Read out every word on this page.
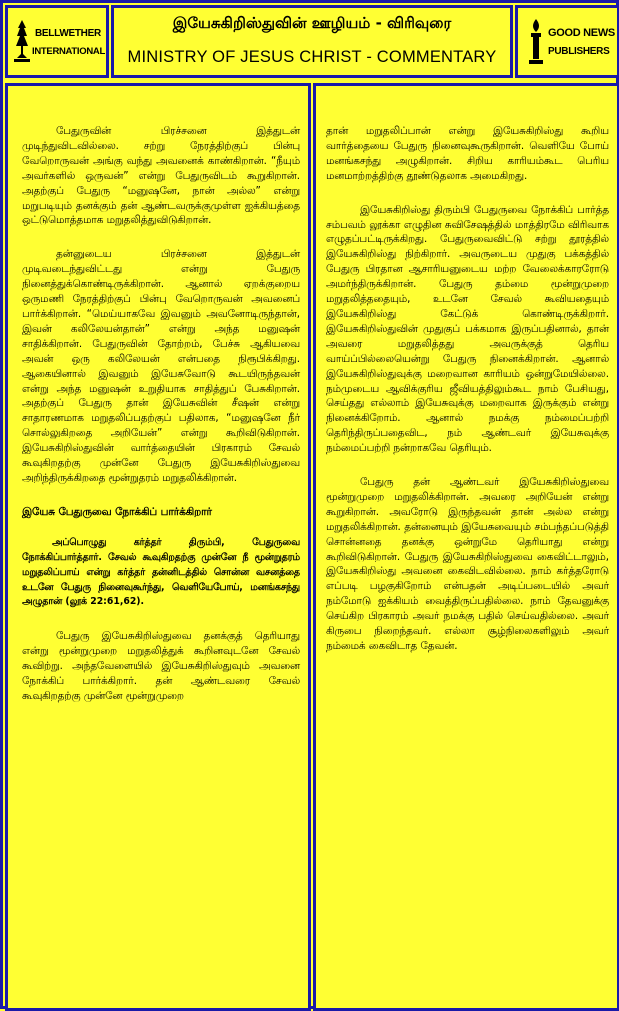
BELLWETHER
INTERNATIONAL
இயேசுகிறிஸ்துவின் ஊழியம் - விரிவுரை
MINISTRY OF JESUS CHRIST - COMMENTARY
GOOD NEWS
PUBLISHERS

பேதுருவின் பிரச்சனை இத்துடன் முடிந்துவிடவில்லை. சற்று நேரத்திற்குப் பின்பு வேறொருவன் அங்கு வந்து அவனைக் காண்கிறான். “நீயும் அவர்களில் ஒருவன்” என்று பேதுருவிடம் கூறுகிறான். அதற்குப் பேதுரு “மனுஷனே, நான் அல்ல” என்று மறுபடியும் தனக்கும் தன் ஆண்டவருக்குமுள்ள ஐக்கியத்தை ஒட்டுமொத்தமாக மறுதலித்துவிடுகிறான்.

தன்னுடைய பிரச்சனை இத்துடன் முடிவடைந்துவிட்டது என்று பேதுரு நினைத்துக்கொண்டிருக்கிறான். ஆனால் ஏறக்குறைய ஒருமணி நேரத்திற்குப் பின்பு வேறொருவன் அவனைப் பார்க்கிறான். “மெய்யாகவே இவனும் அவனோடிருந்தான், இவன் கலிலேயன்தான்” என்று அந்த மனுஷன் சாதிக்கிறான். பேதுருவின் தோற்றம், பேச்சு ஆகியவை அவன் ஒரு கலிலேயன் என்பதை நிரூபிக்கிறது. ஆகையினால் இவனும் இயேசுவோடு கூடயிருந்தவன் என்று அந்த மனுஷன் உறுதியாக சாதித்துப் பேசுகிறான். அதற்குப் பேதுரு தான் இயேசுவின் சீஷன் என்று சாதாரணமாக மறுதலிப்பதற்குப் பதிலாக, “மனுஷனே நீர் சொல்லுகிறதை அறியேன்” என்று கூறிவிடுகிறான். இயேசுகிறிஸ்துவின் வார்த்தையின் பிரகாரம் சேவல் கூவுகிறதற்கு முன்னே பேதுரு இயேசுகிறிஸ்துவை அறிந்திருக்கிறதை மூன்றுதரம் மறுதலிக்கிறான்.

இயேசு பேதுருவை நோக்கிப் பார்க்கிறார்

அப்பொழுது கர்த்தர் திரும்பி, பேதுருவை நோக்கிப்பார்த்தார். சேவல் கூவுகிறதற்கு முன்னே நீ மூன்றுதரம் மறுதலிப்பாய் என்று கர்த்தர் தன்னிடத்தில் சொன்ன வசனத்தை உடனே பேதுரு நினைவுகூர்ந்து, வெளியேபோய், மனங்கசந்து அழுதான் (லூக் 22:61,62).

பேதுரு இயேசுகிறிஸ்துவை தனக்குத் தெரியாது என்று மூன்றுமுறை மறுதலித்துக் கூறினவுடனே சேவல் கூவிற்று. அந்தவேளையில் இயேசுகிறிஸ்துவும் அவனை நோக்கிப் பார்க்கிறார். தன் ஆண்டவரை சேவல் கூவுகிறதற்கு முன்னே மூன்றுமுறை

தான் மறுதலிப்பான் என்று இயேசுகிறிஸ்து கூறிய வார்த்தையை பேதுரு நினைவுகூருகிறான். வெளியே போய் மனங்கசந்து அழுகிறான். சிறிய காரியம்கூட பெரிய மனமாற்றத்திற்கு தூண்டுதலாக அமைகிறது.

இயேசுகிறிஸ்து திரும்பி பேதுருவை நோக்கிப் பார்த்த சம்பவம் லூக்கா எழுதின சுவிசேஷத்தில் மாத்திரமே விரிவாக எழுதப்பட்டிருக்கிறது. பேதுருவைவிட்டு சற்று தூரத்தில் இயேசுகிறிஸ்து நிற்கிறார். அவருடைய முதுகு பக்கத்தில் பேதுரு பிரதான ஆசாரியனுடைய மற்ற வேலைக்காரரோடு அமர்ந்திருக்கிறான். பேதுரு தம்மை மூன்றுமுறை மறுதலித்ததையும், உடனே சேவல் கூவியதையும் இயேசுகிறிஸ்து கேட்டுக் கொண்டிருக்கிறார். இயேசுகிறிஸ்துவின் முதுகுப் பக்கமாக இருப்பதினால், தான் அவரை மறுதலித்தது அவருக்குத் தெரிய வாய்ப்பில்லையென்று பேதுரு நினைக்கிறான். ஆனால் இயேசுகிறிஸ்துவுக்கு மறைவான காரியம் ஒன்றுமேயில்லை. நம்முடைய ஆவிக்குரிய ஜீவியத்திலும்கூட நாம் பேசியது, செய்தது எல்லாம் இயேசுவுக்கு மறைவாக இருக்கும் என்று நினைக்கிறோம். ஆனால் நமக்கு நம்மைப்பற்றி தெரிந்திருப்பதைவிட, நம் ஆண்டவர் இயேசுவுக்கு நம்மைப்பற்றி நன்றாகவே தெரியும்.

பேதுரு தன் ஆண்டவர் இயேசுகிறிஸ்துவை மூன்றுமுறை மறுதலிக்கிறான். அவரை அறியேன் என்று கூறுகிறான். அவரோடு இருந்தவன் தான் அல்ல என்று மறுதலிக்கிறான். தன்னையும் இயேசுவையும் சம்பந்தப்படுத்தி சொன்னதை தனக்கு ஒன்றுமே தெரியாது என்று கூறிவிடுகிறான். பேதுரு இயேசுகிறிஸ்துவை கைவிட்டாலும், இயேசுகிறிஸ்து அவனை கைவிடவில்லை. நாம் கர்த்தரோடு எப்படி பழகுகிறோம் என்பதன் அடிப்படையில் அவர் நம்மோடு ஐக்கியம் வைத்திருப்பதில்லை. நாம் தேவனுக்கு செய்கிற பிரகாரம் அவர் நமக்கு பதில் செய்வதில்லை. அவர் கிருபை நிறைந்தவர். எல்லா சூழ்நிலைகளிலும் அவர் நம்மைக் கைவிடாத தேவன்.
